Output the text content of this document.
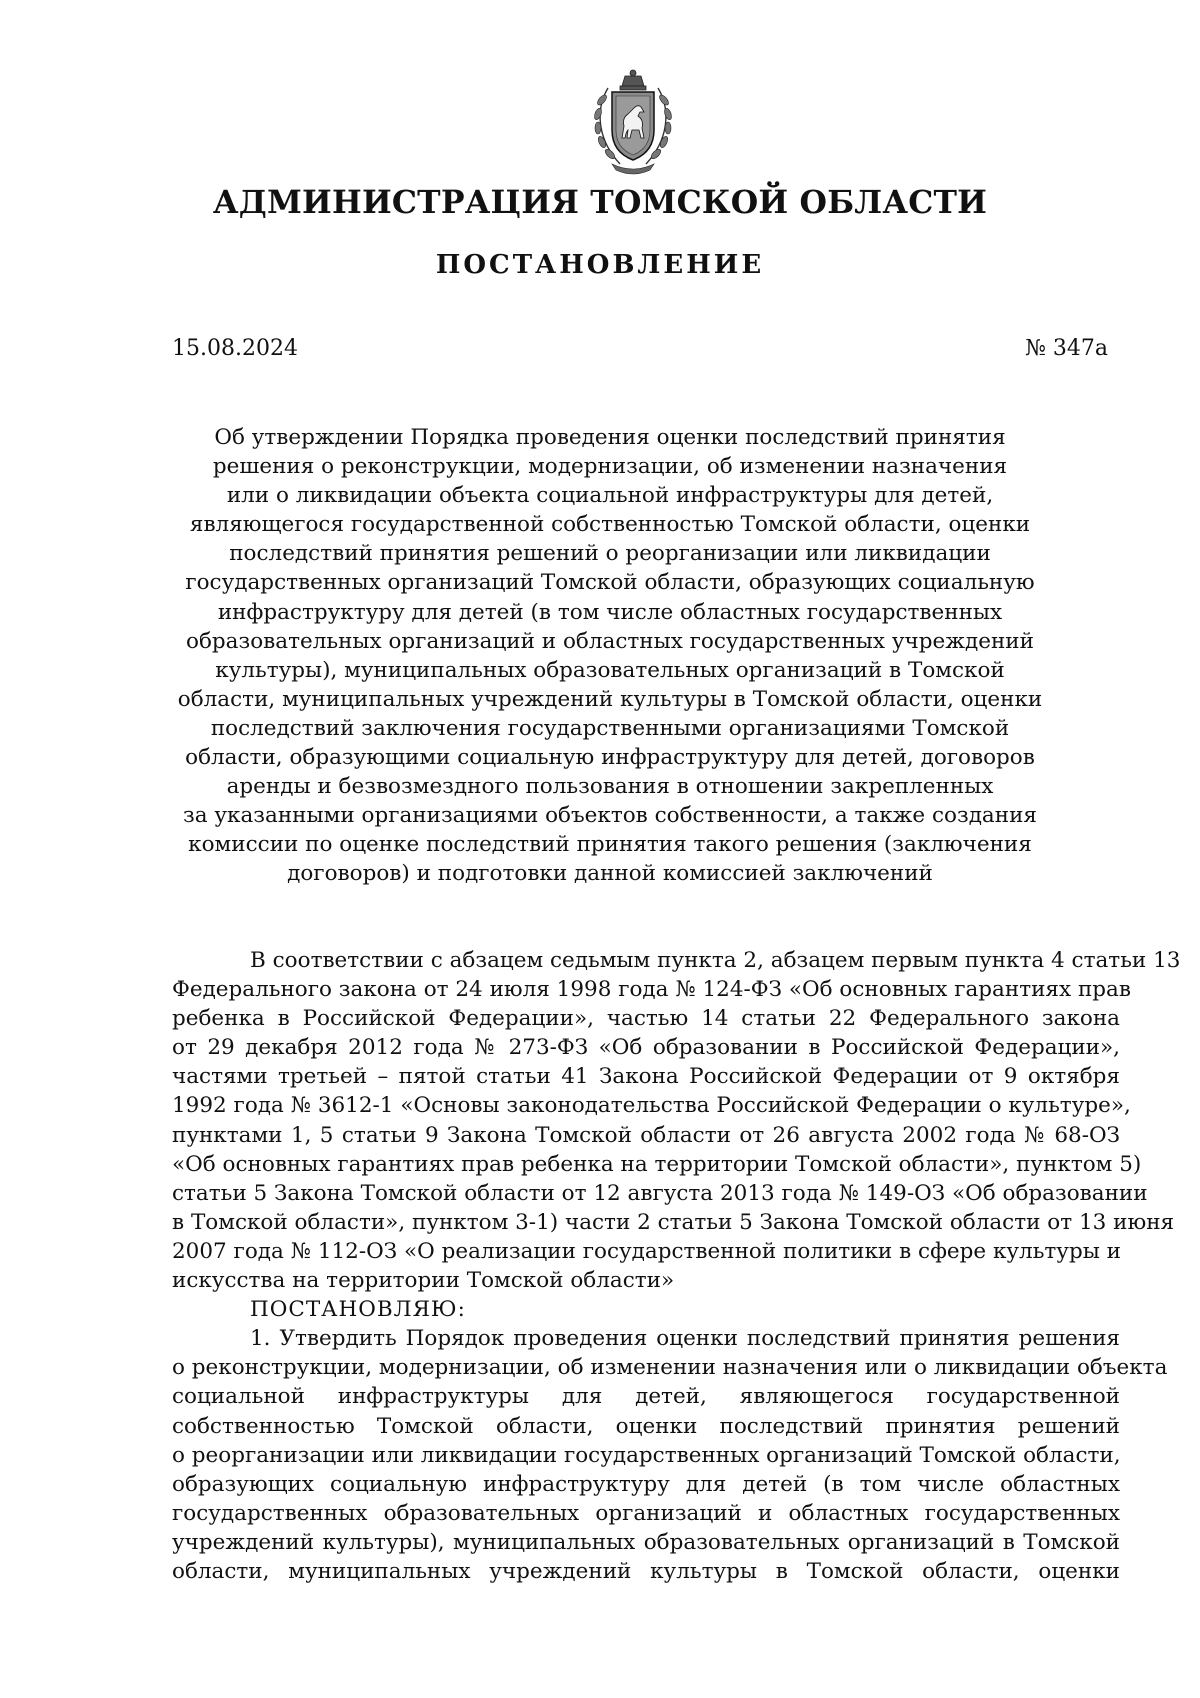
АДМИНИСТРАЦИЯ ТОМСКОЙ ОБЛАСТИ
ПОСТАНОВЛЕНИЕ
15.08.2024	№ 347а
Об утверждении Порядка проведения оценки последствий принятия
решения о реконструкции, модернизации, об изменении назначения
или о ликвидации объекта социальной инфраструктуры для детей,
являющегося государственной собственностью Томской области, оценки
последствий принятия решений о реорганизации или ликвидации
государственных организаций Томской области, образующих социальную
инфраструктуру для детей (в том числе областных государственных
образовательных организаций и областных государственных учреждений
культуры), муниципальных образовательных организаций в Томской
области, муниципальных учреждений культуры в Томской области, оценки
последствий заключения государственными организациями Томской
области, образующими социальную инфраструктуру для детей, договоров
аренды и безвозмездного пользования в отношении закрепленных
за указанными организациями объектов собственности, а также создания
комиссии по оценке последствий принятия такого решения (заключения
договоров) и подготовки данной комиссией заключений
В соответствии с абзацем седьмым пункта 2, абзацем первым пункта 4 статьи 13
Федерального закона от 24 июля 1998 года № 124-ФЗ «Об основных гарантиях прав
ребенка в Российской Федерации», частью 14 статьи 22 Федерального закона
от 29 декабря 2012 года № 273-ФЗ «Об образовании в Российской Федерации»,
частями третьей – пятой статьи 41 Закона Российской Федерации от 9 октября
1992 года № 3612-1 «Основы законодательства Российской Федерации о культуре»,
пунктами 1, 5 статьи 9 Закона Томской области от 26 августа 2002 года № 68-ОЗ
«Об основных гарантиях прав ребенка на территории Томской области», пунктом 5)
статьи 5 Закона Томской области от 12 августа 2013 года № 149-ОЗ «Об образовании
в Томской области», пунктом 3-1) части 2 статьи 5 Закона Томской области от 13 июня
2007 года № 112-ОЗ «О реализации государственной политики в сфере культуры и
искусства на территории Томской области»
ПОСТАНОВЛЯЮ:
1. Утвердить Порядок проведения оценки последствий принятия решения
о реконструкции, модернизации, об изменении назначения или о ликвидации объекта
социальной инфраструктуры для детей, являющегося государственной
собственностью Томской области, оценки последствий принятия решений
о реорганизации или ликвидации государственных организаций Томской области,
образующих социальную инфраструктуру для детей (в том числе областных
государственных образовательных организаций и областных государственных
учреждений культуры), муниципальных образовательных организаций в Томской
области, муниципальных учреждений культуры в Томской области, оценки
